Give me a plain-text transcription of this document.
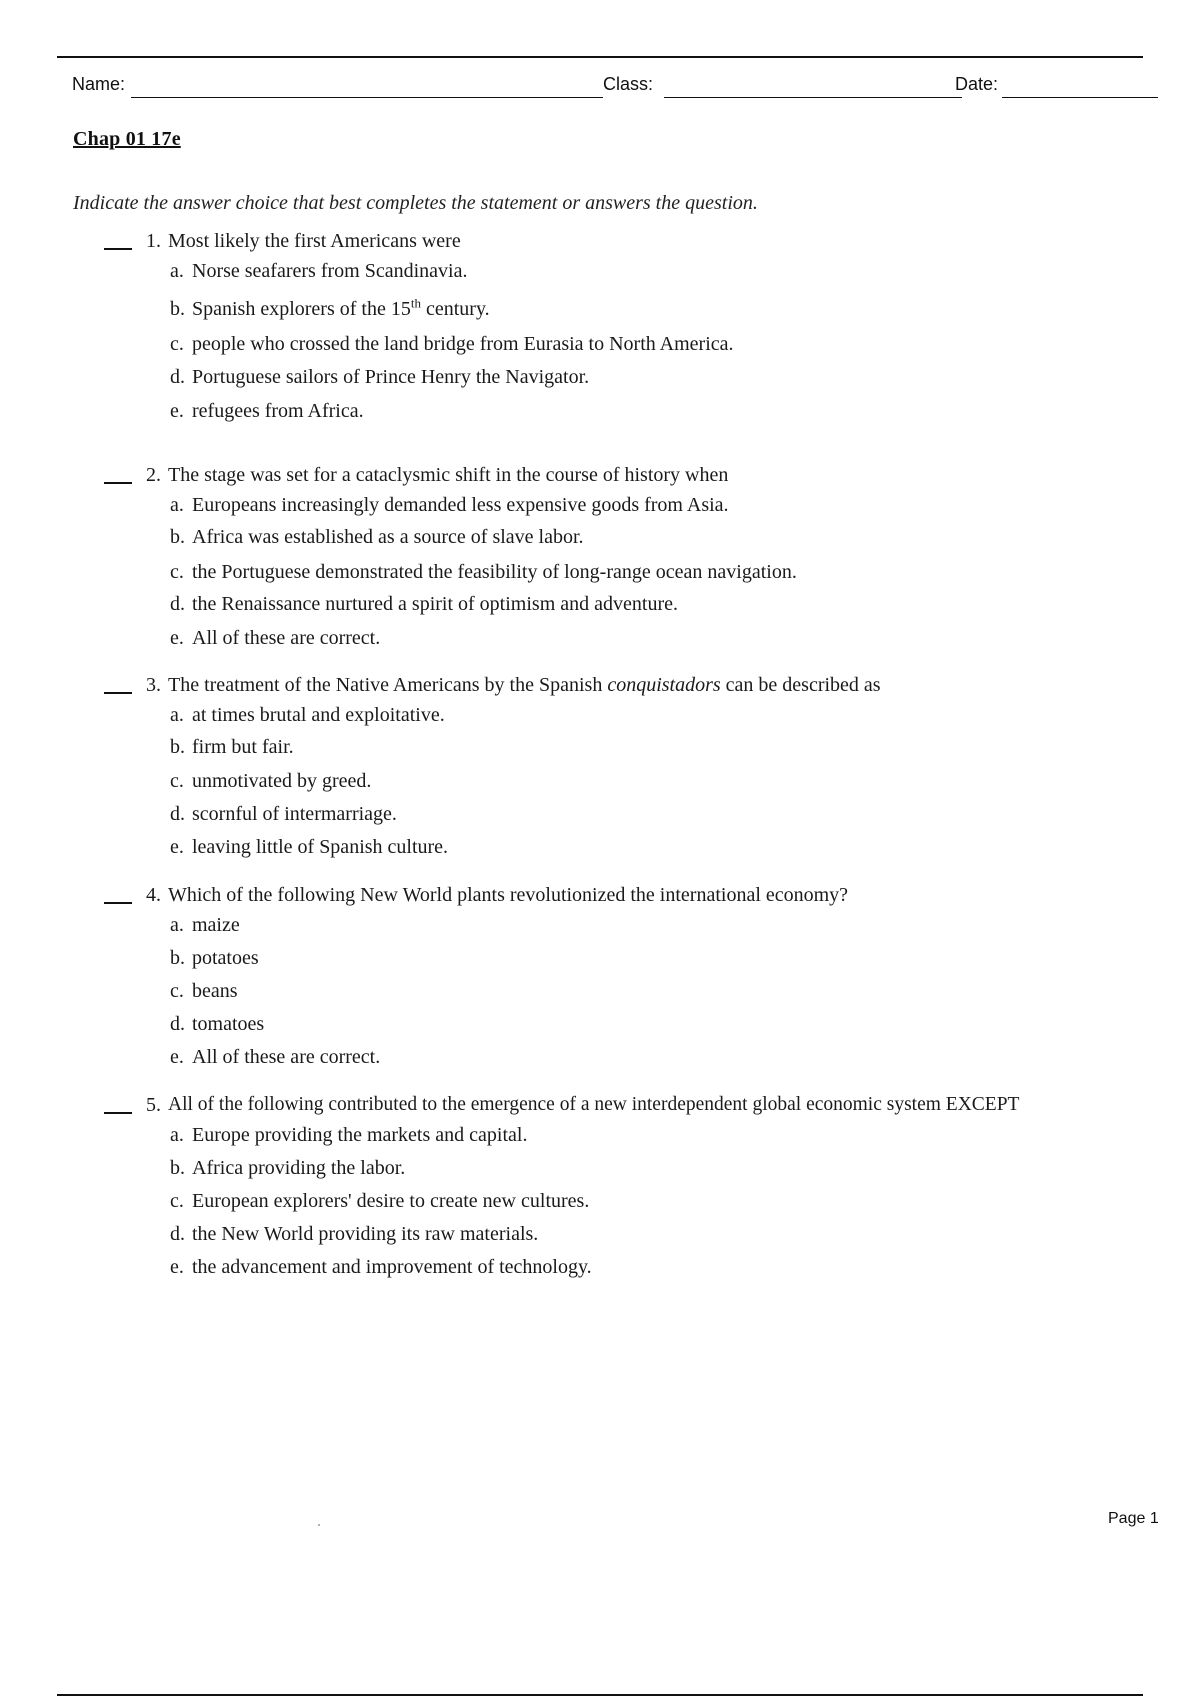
Name:	Class:	Date:
Chap 01 17e
Indicate the answer choice that best completes the statement or answers the question.
1. Most likely the first Americans were
a. Norse seafarers from Scandinavia.
b. Spanish explorers of the 15th century.
c. people who crossed the land bridge from Eurasia to North America.
d. Portuguese sailors of Prince Henry the Navigator.
e. refugees from Africa.
2. The stage was set for a cataclysmic shift in the course of history when
a. Europeans increasingly demanded less expensive goods from Asia.
b. Africa was established as a source of slave labor.
c. the Portuguese demonstrated the feasibility of long-range ocean navigation.
d. the Renaissance nurtured a spirit of optimism and adventure.
e. All of these are correct.
3. The treatment of the Native Americans by the Spanish conquistadors can be described as
a. at times brutal and exploitative.
b. firm but fair.
c. unmotivated by greed.
d. scornful of intermarriage.
e. leaving little of Spanish culture.
4. Which of the following New World plants revolutionized the international economy?
a. maize
b. potatoes
c. beans
d. tomatoes
e. All of these are correct.
5. All of the following contributed to the emergence of a new interdependent global economic system EXCEPT
a. Europe providing the markets and capital.
b. Africa providing the labor.
c. European explorers' desire to create new cultures.
d. the New World providing its raw materials.
e. the advancement and improvement of technology.
Page 1
